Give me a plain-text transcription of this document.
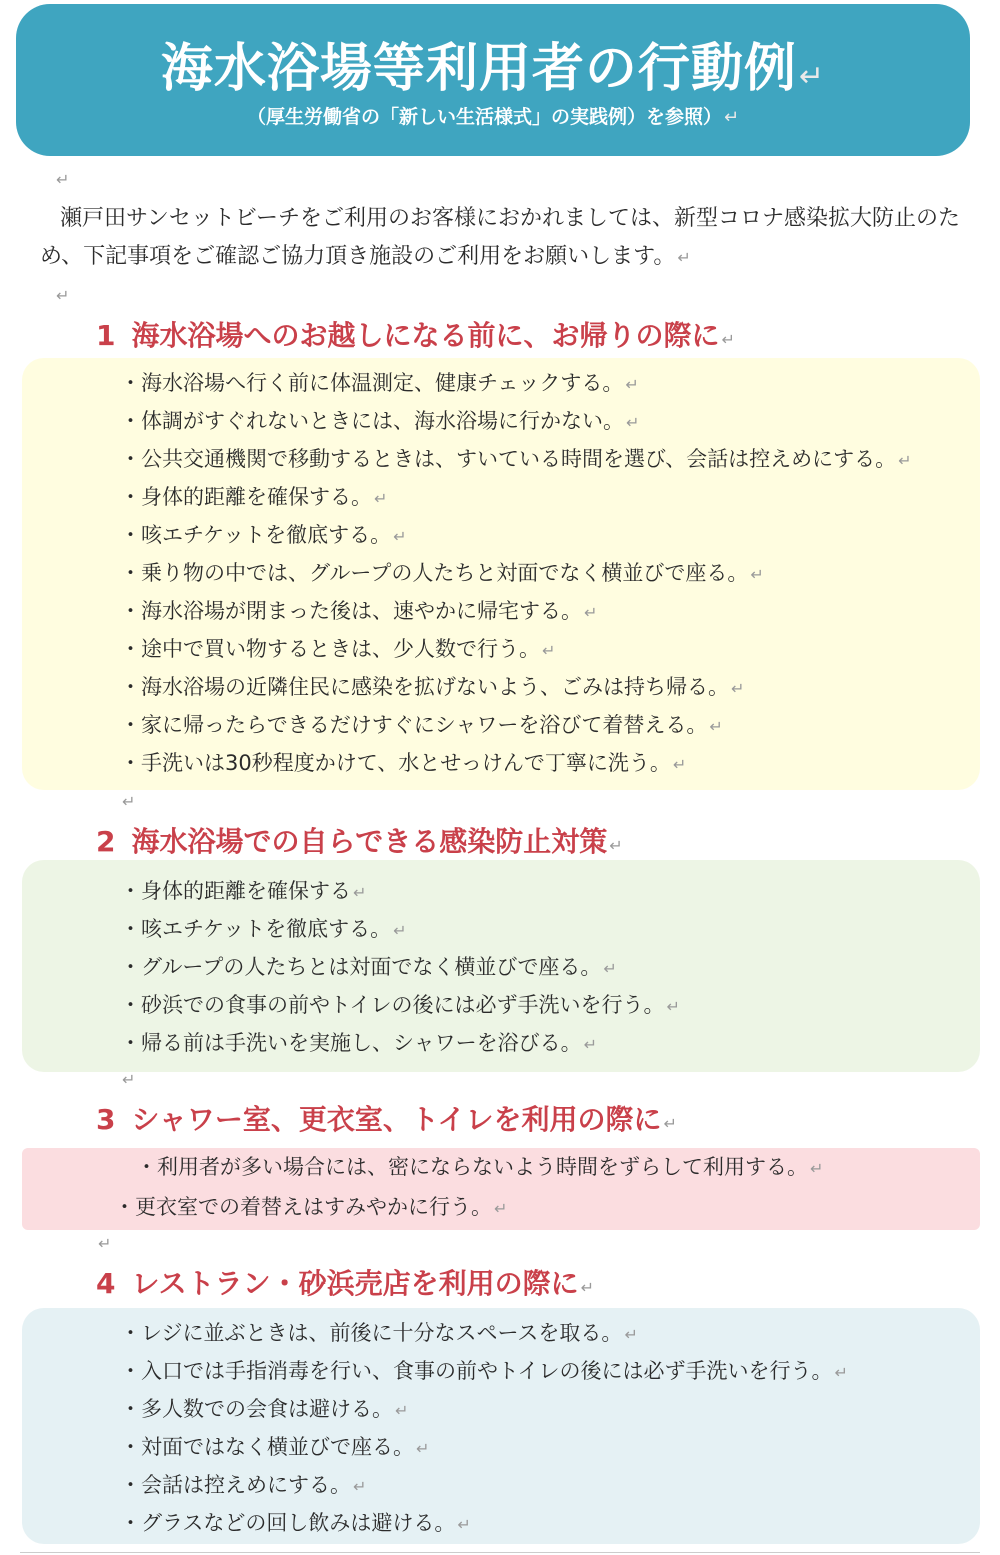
海水浴場等利用者の行動例↵
（厚生労働省の「新しい生活様式」の実践例）を参照） ↵
↵
瀬戸田サンセットビーチをご利用のお客様におかれましては、新型コロナ感染拡大防止のため、下記事項をご確認ご協力頂き施設のご利用をお願いします。 ↵
↵
1 海水浴場へのお越しになる前に、お帰りの際に ↵
・海水浴場へ行く前に体温測定、健康チェックする。 ↵
・体調がすぐれないときには、海水浴場に行かない。 ↵
・公共交通機関で移動するときは、すいている時間を選び、会話は控えめにする。 ↵
・身体的距離を確保する。 ↵
・咳エチケットを徹底する。 ↵
・乗り物の中では、グループの人たちと対面でなく横並びで座る。 ↵
・海水浴場が閉まった後は、速やかに帰宅する。 ↵
・途中で買い物するときは、少人数で行う。 ↵
・海水浴場の近隣住民に感染を拡げないよう、ごみは持ち帰る。 ↵
・家に帰ったらできるだけすぐにシャワーを浴びて着替える。 ↵
・手洗いは30秒程度かけて、水とせっけんで丁寧に洗う。 ↵
↵
2 海水浴場での自らできる感染防止対策 ↵
・身体的距離を確保する ↵
・咳エチケットを徹底する。 ↵
・グループの人たちとは対面でなく横並びで座る。 ↵
・砂浜での食事の前やトイレの後には必ず手洗いを行う。 ↵
・帰る前は手洗いを実施し、シャワーを浴びる。 ↵
↵
3 シャワー室、更衣室、トイレを利用の際に ↵
・利用者が多い場合には、密にならないよう時間をずらして利用する。 ↵
・更衣室での着替えはすみやかに行う。 ↵
↵
4 レストラン・砂浜売店を利用の際に ↵
・レジに並ぶときは、前後に十分なスペースを取る。 ↵
・入口では手指消毒を行い、食事の前やトイレの後には必ず手洗いを行う。 ↵
・多人数での会食は避ける。 ↵
・対面ではなく横並びで座る。 ↵
・会話は控えめにする。 ↵
・グラスなどの回し飲みは避ける。 ↵
